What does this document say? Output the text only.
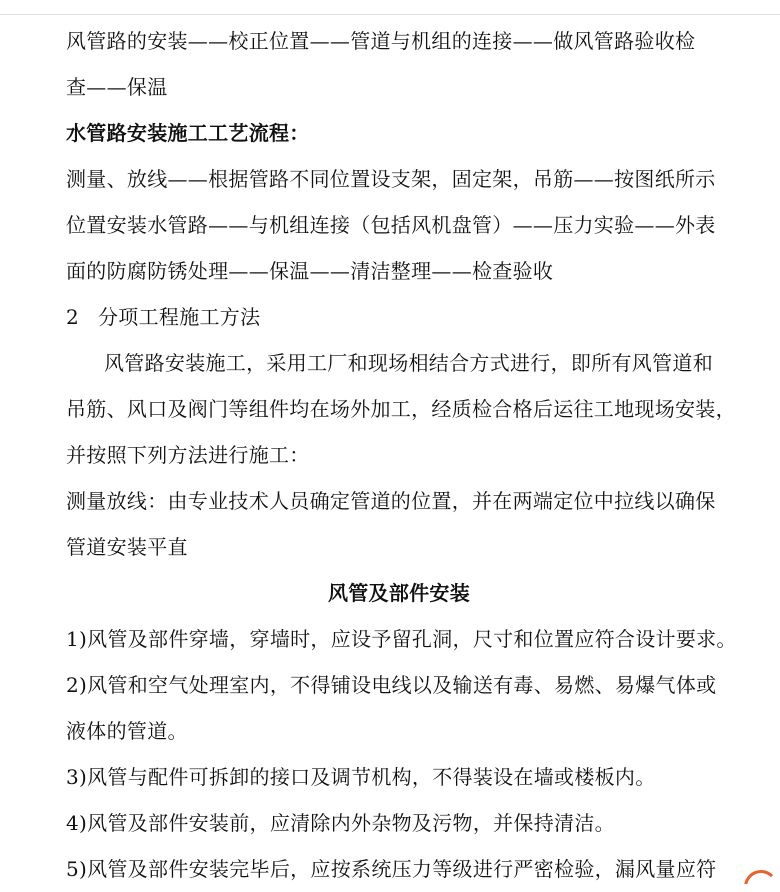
风管路的安装——校正位置——管道与机组的连接——做风管路验收检
查——保温
水管路安装施工工艺流程：
测量、放线——根据管路不同位置设支架，固定架，吊筋——按图纸所示
位置安装水管路——与机组连接（包括风机盘管）——压力实验——外表
面的防腐防锈处理——保温——清洁整理——检查验收
2 分项工程施工方法
风管路安装施工，采用工厂和现场相结合方式进行，即所有风管道和
吊筋、风口及阀门等组件均在场外加工，经质检合格后运往工地现场安装，
并按照下列方法进行施工：
测量放线：由专业技术人员确定管道的位置，并在两端定位中拉线以确保
管道安装平直
风管及部件安装
1)风管及部件穿墙，穿墙时，应设予留孔洞，尺寸和位置应符合设计要求。
2)风管和空气处理室内，不得铺设电线以及输送有毒、易燃、易爆气体或
液体的管道。
3)风管与配件可拆卸的接口及调节机构，不得装设在墙或楼板内。
4)风管及部件安装前，应清除内外杂物及污物，并保持清洁。
5)风管及部件安装完毕后，应按系统压力等级进行严密检验，漏风量应符
